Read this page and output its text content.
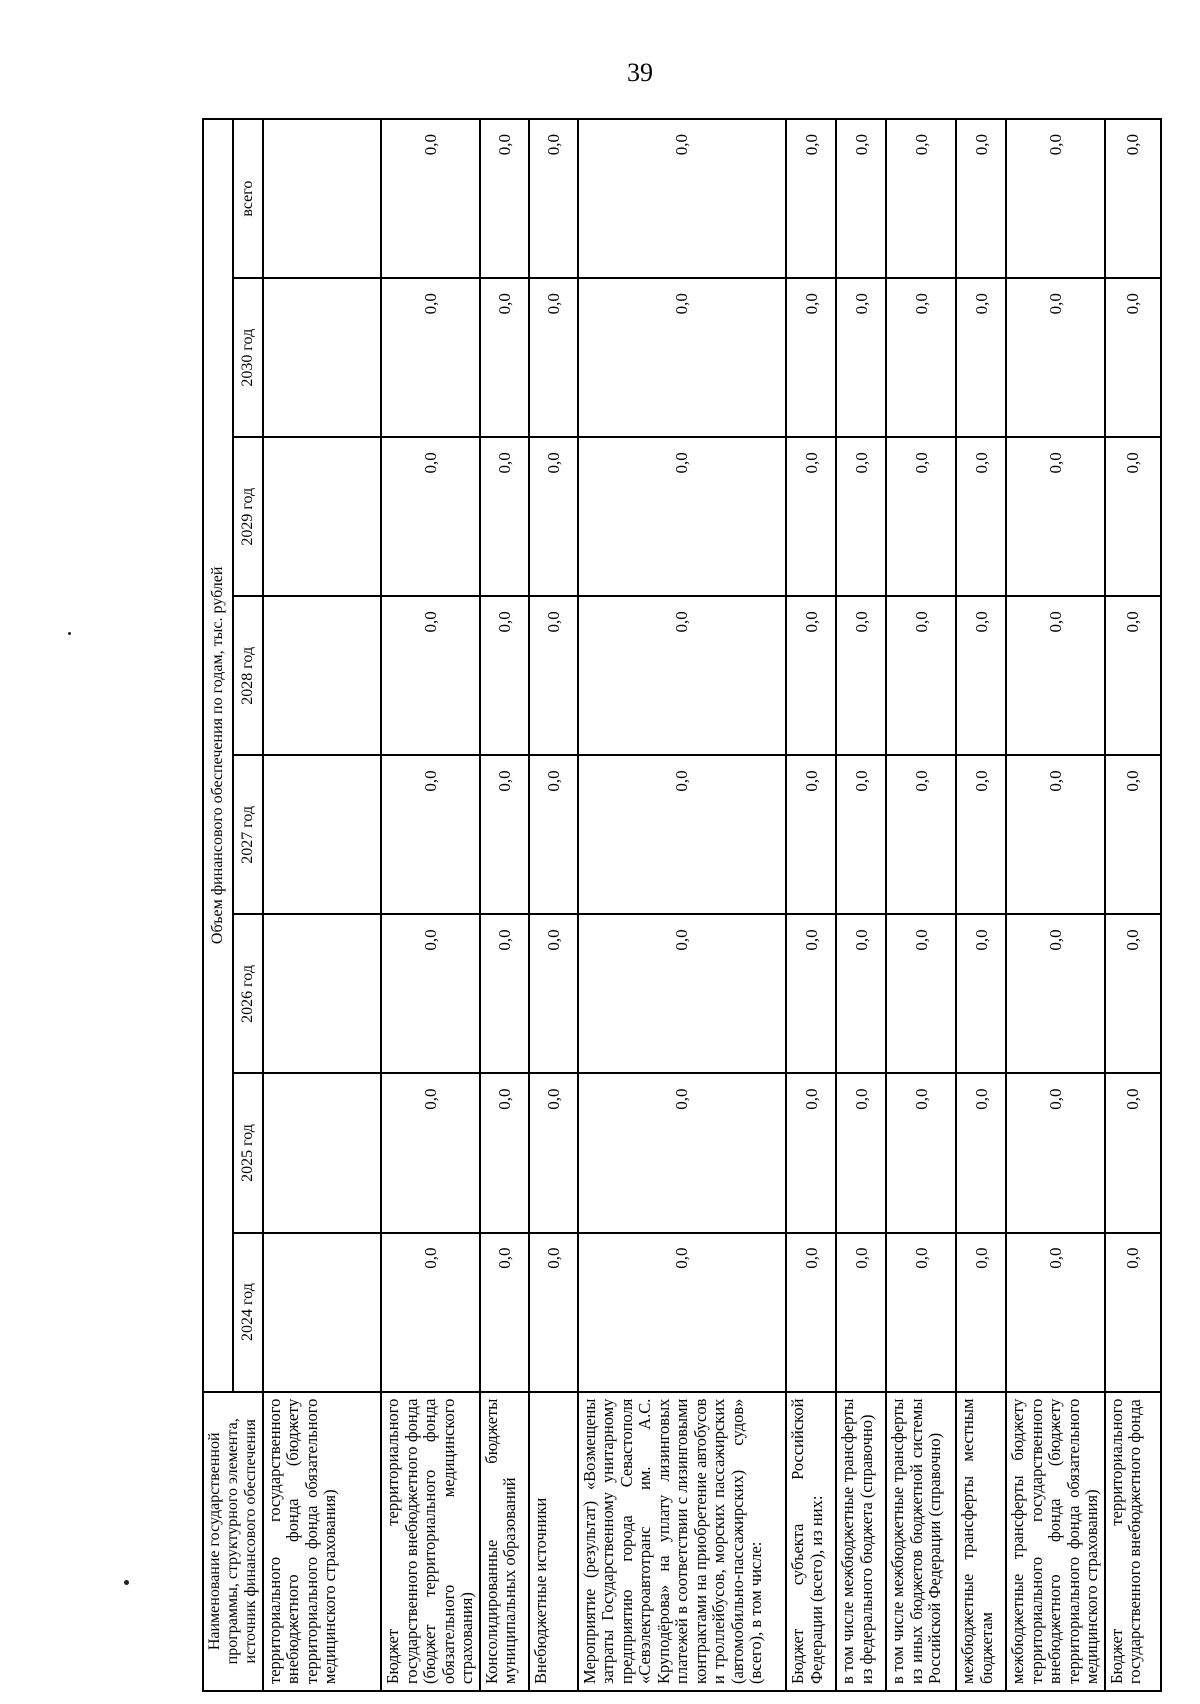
39
Наименование государственной программы, структурного элемента, источник финансового обеспечения	Объем финансового обеспечения по годам, тыс. рублей							
	2024 год	2025 год	2026 год	2027 год	2028 год	2029 год	2030 год	всего
территориального государственного внебюджетного фонда (бюджету территориального фонда обязательного медицинского страхования)								
Бюджет территориального государственного внебюджетного фонда (бюджет территориального фонда обязательного медицинского страхования)	0,0	0,0	0,0	0,0	0,0	0,0	0,0	0,0
Консолидированные бюджеты муниципальных образований	0,0	0,0	0,0	0,0	0,0	0,0	0,0	0,0
Внебюджетные источники	0,0	0,0	0,0	0,0	0,0	0,0	0,0	0,0
Мероприятие (результат) «Возмещены затраты Государственному унитарному предприятию города Севастополя «Севэлектроавтотранс им. А.С. Круподёрова» на уплату лизинговых платежей в соответствии с лизинговыми контрактами на приобретение автобусов и троллейбусов, морских пассажирских (автомобильно-пассажирских) судов» (всего), в том числе:	0,0	0,0	0,0	0,0	0,0	0,0	0,0	0,0
Бюджет субъекта Российской Федерации (всего), из них:	0,0	0,0	0,0	0,0	0,0	0,0	0,0	0,0
в том числе межбюджетные трансферты из федерального бюджета (справочно)	0,0	0,0	0,0	0,0	0,0	0,0	0,0	0,0
в том числе межбюджетные трансферты из иных бюджетов бюджетной системы Российской Федерации (справочно)	0,0	0,0	0,0	0,0	0,0	0,0	0,0	0,0
межбюджетные трансферты местным бюджетам	0,0	0,0	0,0	0,0	0,0	0,0	0,0	0,0
межбюджетные трансферты бюджету территориального государственного внебюджетного фонда (бюджету территориального фонда обязательного медицинского страхования)	0,0	0,0	0,0	0,0	0,0	0,0	0,0	0,0
Бюджет территориального государственного внебюджетного фонда	0,0	0,0	0,0	0,0	0,0	0,0	0,0	0,0
